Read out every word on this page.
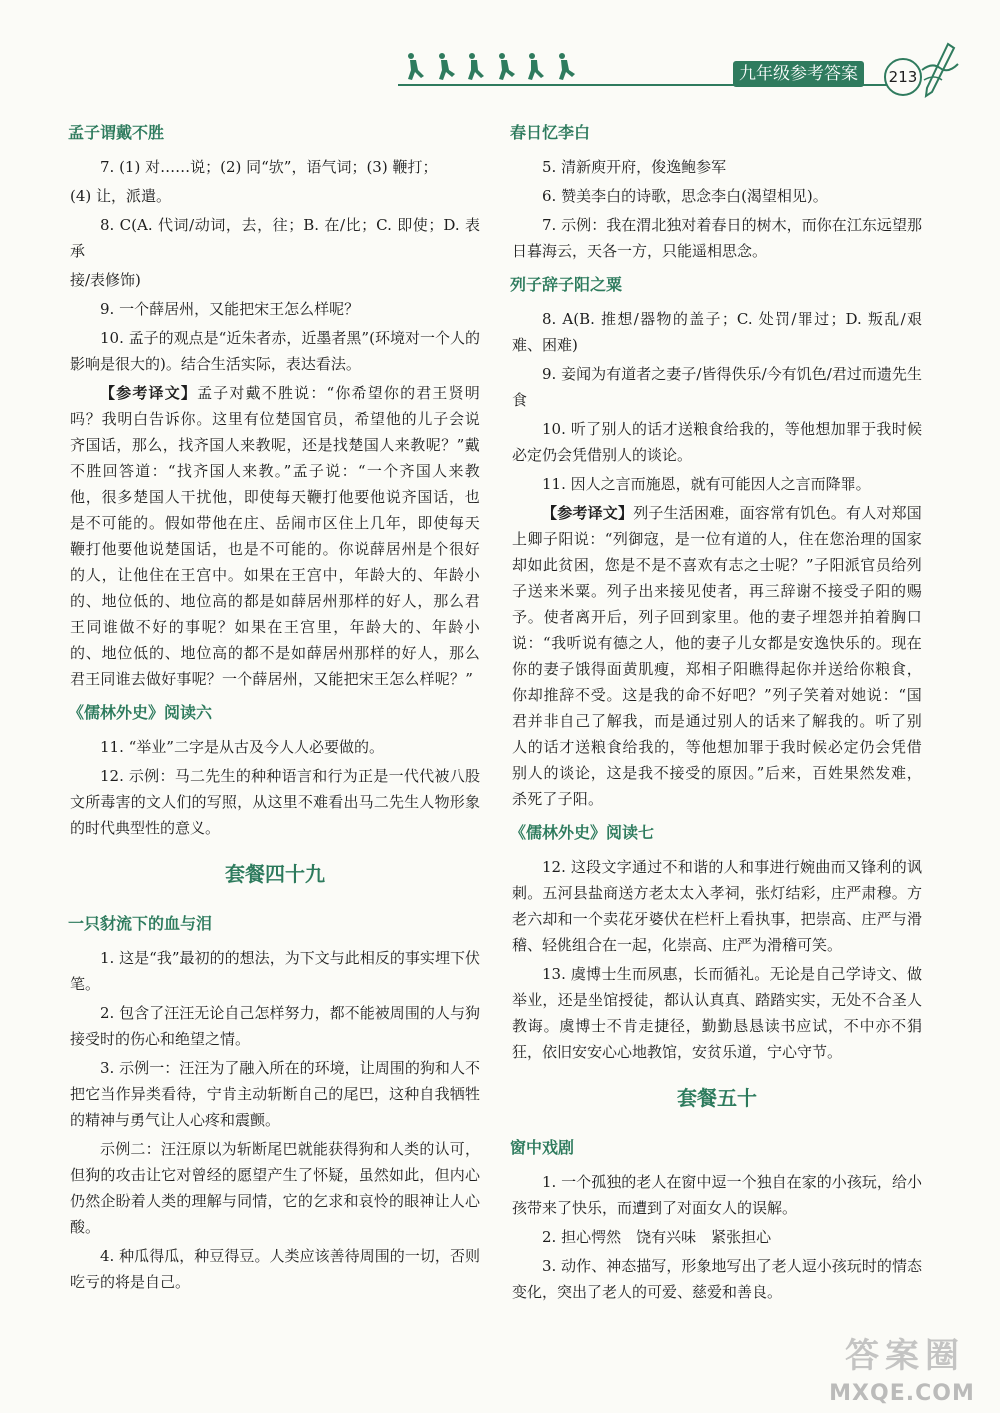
九年级参考答案	213
孟子谓戴不胜

7. (1) 对……说；(2) 同“欤”，语气词；(3) 鞭打；

(4) 让，派遣。

8. C(A. 代词/动词，去，往；B. 在/比；C. 即使；D. 表承

接/表修饰)

9. 一个薛居州，又能把宋王怎么样呢？

10. 孟子的观点是“近朱者赤，近墨者黑”(环境对一个人的影响是很大的)。结合生活实际，表达看法。

【参考译文】孟子对戴不胜说：“你希望你的君王贤明吗？我明白告诉你。这里有位楚国官员，希望他的儿子会说齐国话，那么，找齐国人来教呢，还是找楚国人来教呢？”戴不胜回答道：“找齐国人来教。”孟子说：“一个齐国人来教他，很多楚国人干扰他，即使每天鞭打他要他说齐国话，也是不可能的。假如带他在庄、岳闹市区住上几年，即使每天鞭打他要他说楚国话，也是不可能的。你说薛居州是个很好的人，让他住在王宫中。如果在王宫中，年龄大的、年龄小的、地位低的、地位高的都是如薛居州那样的好人，那么君王同谁做不好的事呢？如果在王宫里，年龄大的、年龄小的、地位低的、地位高的都不是如薛居州那样的好人，那么君王同谁去做好事呢？一个薛居州，又能把宋王怎么样呢？”

《儒林外史》阅读六

11. “举业”二字是从古及今人人必要做的。

12. 示例：马二先生的种种语言和行为正是一代代被八股文所毒害的文人们的写照，从这里不难看出马二先生人物形象的时代典型性的意义。

套餐四十九
一只豺流下的血与泪

1. 这是“我”最初的的想法，为下文与此相反的事实埋下伏笔。

2. 包含了汪汪无论自己怎样努力，都不能被周围的人与狗接受时的伤心和绝望之情。

3. 示例一：汪汪为了融入所在的环境，让周围的狗和人不把它当作异类看待，宁肯主动斩断自己的尾巴，这种自我牺牲的精神与勇气让人心疼和震颤。

示例二：汪汪原以为斩断尾巴就能获得狗和人类的认可，但狗的攻击让它对曾经的愿望产生了怀疑，虽然如此，但内心仍然企盼着人类的理解与同情，它的乞求和哀怜的眼神让人心酸。

4. 种瓜得瓜，种豆得豆。人类应该善待周围的一切，否则吃亏的将是自己。

春日忆李白

5. 清新庾开府，俊逸鲍参军

6. 赞美李白的诗歌，思念李白(渴望相见)。

7. 示例：我在渭北独对着春日的树木，而你在江东远望那日暮海云，天各一方，只能遥相思念。

列子辞子阳之粟

8. A(B. 推想/器物的盖子；C. 处罚/罪过；D. 叛乱/艰难、困难)

9. 妾闻为有道者之妻子/皆得佚乐/今有饥色/君过而遗先生食

10. 听了别人的话才送粮食给我的，等他想加罪于我时候必定仍会凭借别人的谈论。

11. 因人之言而施恩，就有可能因人之言而降罪。

【参考译文】列子生活困难，面容常有饥色。有人对郑国上卿子阳说：“列御寇，是一位有道的人，住在您治理的国家却如此贫困，您是不是不喜欢有志之士呢？”子阳派官员给列子送来米粟。列子出来接见使者，再三辞谢不接受子阳的赐予。使者离开后，列子回到家里。他的妻子埋怨并拍着胸口说：“我听说有德之人，他的妻子儿女都是安逸快乐的。现在你的妻子饿得面黄肌瘦，郑相子阳瞧得起你并送给你粮食，你却推辞不受。这是我的命不好吧？”列子笑着对她说：“国君并非自己了解我，而是通过别人的话来了解我的。听了别人的话才送粮食给我的，等他想加罪于我时候必定仍会凭借别人的谈论，这是我不接受的原因。”后来，百姓果然发难，杀死了子阳。

《儒林外史》阅读七

12. 这段文字通过不和谐的人和事进行婉曲而又锋利的讽刺。五河县盐商送方老太太入孝祠，张灯结彩，庄严肃穆。方老六却和一个卖花牙婆伏在栏杆上看执事，把崇高、庄严与滑稽、轻佻组合在一起，化崇高、庄严为滑稽可笑。

13. 虞博士生而夙惠，长而循礼。无论是自己学诗文、做举业，还是坐馆授徒，都认认真真、踏踏实实，无处不合圣人教诲。虞博士不肯走捷径，勤勤恳恳读书应试，不中亦不狷狂，依旧安安心心地教馆，安贫乐道，宁心守节。

套餐五十
窗中戏剧

1. 一个孤独的老人在窗中逗一个独自在家的小孩玩，给小孩带来了快乐，而遭到了对面女人的误解。

2. 担心愕然　饶有兴味　紧张担心

3. 动作、神态描写，形象地写出了老人逗小孩玩时的情态变化，突出了老人的可爱、慈爱和善良。

答案圈
MXQE.COM
